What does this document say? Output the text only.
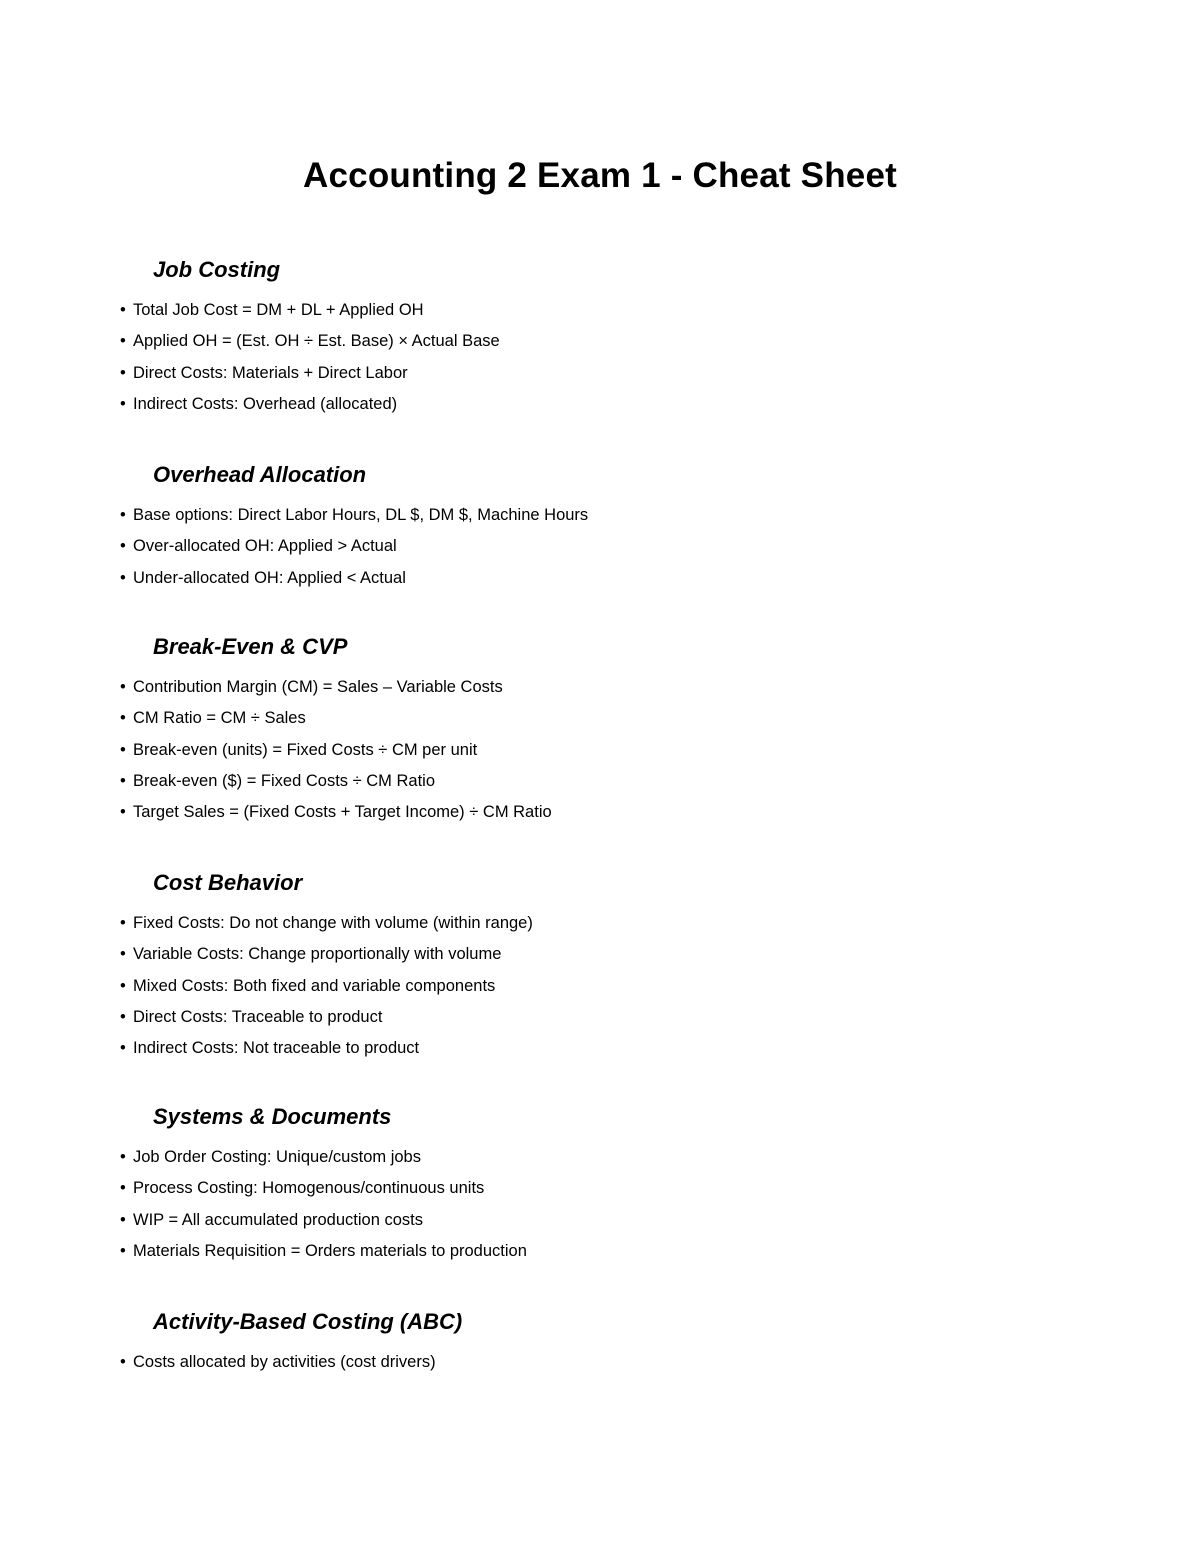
Accounting 2 Exam 1 - Cheat Sheet
Job Costing
• Total Job Cost = DM + DL + Applied OH
• Applied OH = (Est. OH ÷ Est. Base) × Actual Base
• Direct Costs: Materials + Direct Labor
• Indirect Costs: Overhead (allocated)
Overhead Allocation
• Base options: Direct Labor Hours, DL $, DM $, Machine Hours
• Over-allocated OH: Applied > Actual
• Under-allocated OH: Applied < Actual
Break-Even & CVP
• Contribution Margin (CM) = Sales – Variable Costs
• CM Ratio = CM ÷ Sales
• Break-even (units) = Fixed Costs ÷ CM per unit
• Break-even ($) = Fixed Costs ÷ CM Ratio
• Target Sales = (Fixed Costs + Target Income) ÷ CM Ratio
Cost Behavior
• Fixed Costs: Do not change with volume (within range)
• Variable Costs: Change proportionally with volume
• Mixed Costs: Both fixed and variable components
• Direct Costs: Traceable to product
• Indirect Costs: Not traceable to product
Systems & Documents
• Job Order Costing: Unique/custom jobs
• Process Costing: Homogenous/continuous units
• WIP = All accumulated production costs
• Materials Requisition = Orders materials to production
Activity-Based Costing (ABC)
• Costs allocated by activities (cost drivers)
